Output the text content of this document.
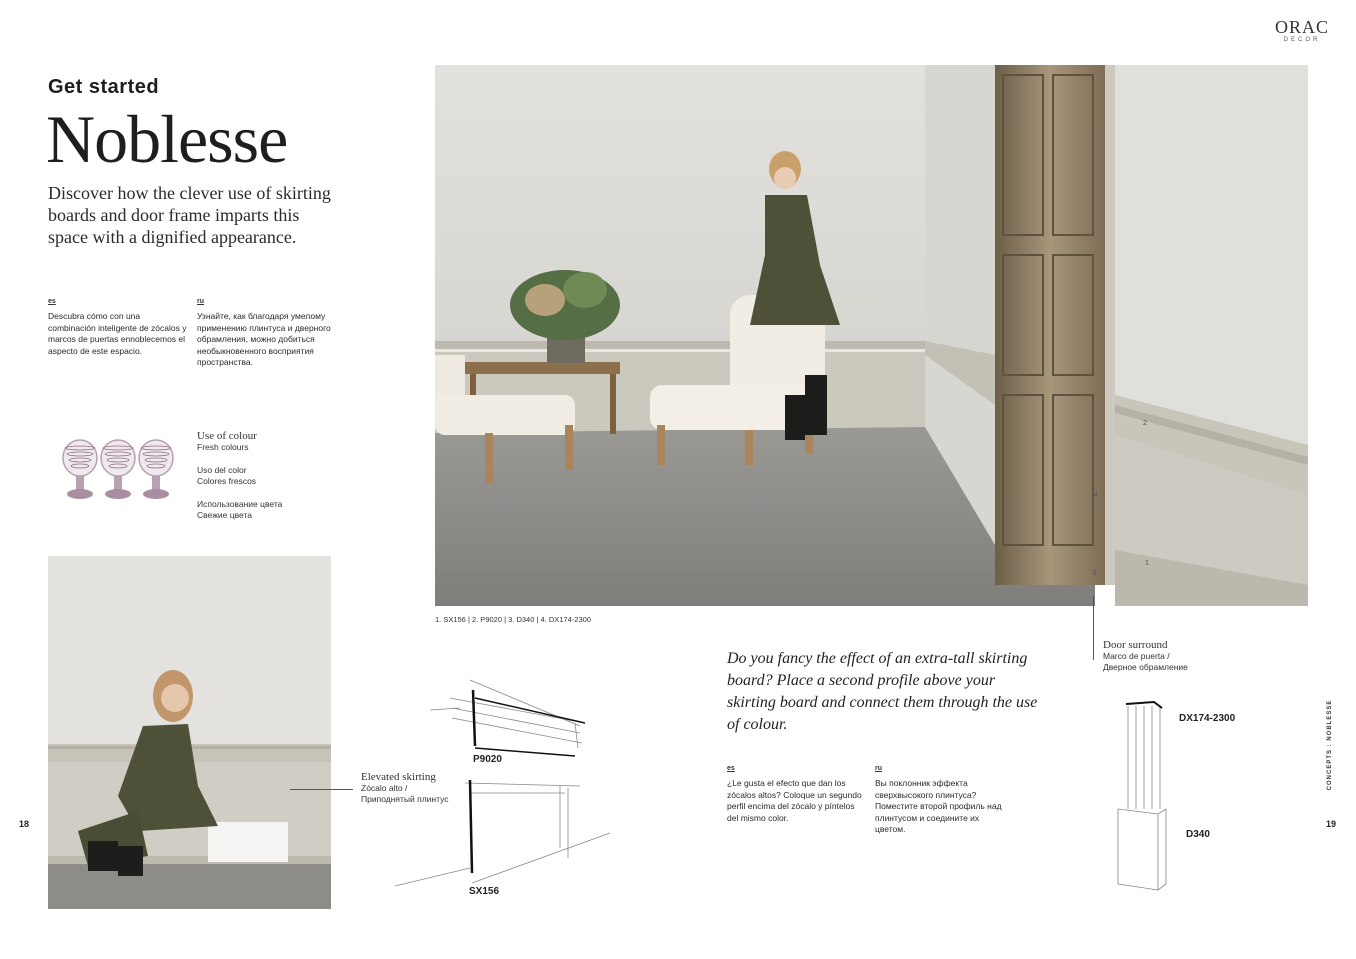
ORAC
DECOR
Get started
Noblesse
Discover how the clever use of skirting boards and door frame imparts this space with a dignified appearance.
es
Descubra cómo con una combinación inteligente de zócalos y marcos de puertas ennoblecemos el aspecto de este espacio.
ru
Узнайте, как благодаря умелому применению плинтуса и дверного обрамления, можно добиться необыкновенного восприятия пространства.
Use of colour
Fresh colours
Uso del color
Colores frescos
Использование цвета
Свежие цвета
1
2
3
4
1. SX156 | 2. P9020 | 3. D340 | 4. DX174-2300
Door surround
Marco de puerta /
Дверное обрамление
Elevated skirting
Zócalo alto /
Приподнятый плинтус
P9020
SX156
Do you fancy the effect of an extra-tall skirting board? Place a second profile above your skirting board and connect them through the use of colour.
es
¿Le gusta el efecto que dan los zócalos altos? Coloque un segundo perfil encima del zócalo y píntelos del mismo color.
ru
Вы поклонник эффекта сверхвысокого плинтуса? Поместите второй профиль над плинтусом и соедините их цветом.
DX174-2300
D340
18	19
CONCEPTS : NOBLESSE
